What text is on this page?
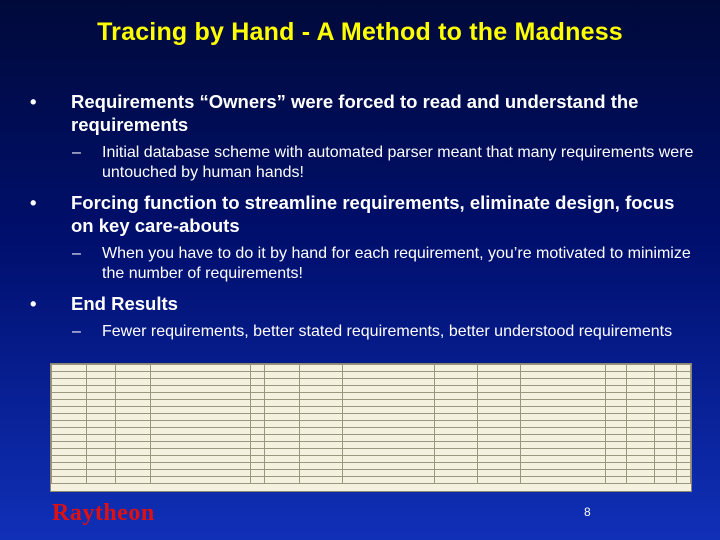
Tracing by Hand - A Method to the Madness
• Requirements “Owners” were forced to read and understand the requirements
– Initial database scheme with automated parser meant that many requirements were untouched by human hands!
• Forcing function to streamline requirements, eliminate design, focus on key care-abouts
– When you have to do it by hand for each requirement, you’re motivated to minimize the number of requirements!
• End Results
– Fewer requirements, better stated requirements, better understood requirements

Raytheon	8
